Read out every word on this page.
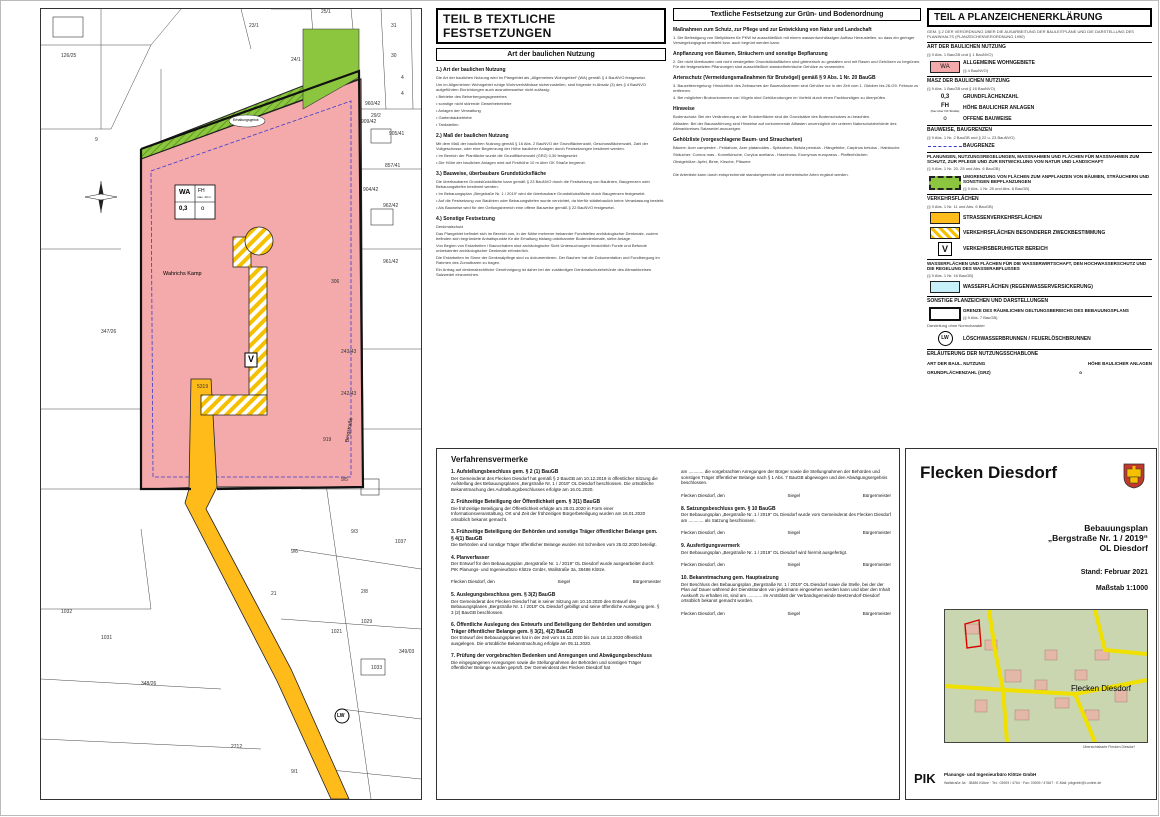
25/1
126/25
23/1
24/1
31
30
9
960/42
29/2
909/42
905/41
904/42
857/41
962/42
961/42
4
4
5319
242/43
243/43
306
919
9/5
9/6
2/8
1029
1021
1031
1032
1033
1037
349/03
348/26
347/26
2712
21
9/1
9/3
WA FH
max. 10 m
0,3 o
Wahrichs Kamp
Erhaltungsgebot
V
LW
Bergstraße
TEIL B TEXTLICHE FESTSETZUNGEN
Art der baulichen Nutzung
1.) Art der baulichen Nutzung
Die Art der baulichen Nutzung wird im Plangebiet als „Allgemeines Wohngebiet“ (WA) gemäß § 4 BauNVO festgesetzt.
Um im Allgemeinen Wohngebiet ruhige Wohnverhältnisse sicherzustellen, sind folgende in Absatz (3) des § 4 BauNVO aufgeführten Einrichtungen auch ausnahmsweise nicht zulässig:
• Betriebe des Beherbergungsgewerbes
• sonstige nicht störende Gewerbebetriebe
• Anlagen der Verwaltung
• Gartenbaubetriebe
• Tankstellen
2.) Maß der baulichen Nutzung
Mit dem Maß der baulichen Nutzung gemäß § 16 Abs. 2 BauNVO die Grundflächenzahl, Geschossflächenzahl, Zahl der Vollgeschosse, oder eine Begrenzung der Höhe baulicher Anlagen durch Festsetzungen bestimmt werden.
• Im Bereich der Planfläche wurde die Grundflächenzahl (GRZ) 0,30 festgesetzt.
• Die Höhe der baulichen Anlagen wird auf Firsthöhe 10 m über OK Straße begrenzt.
3.) Bauweise, überbaubare Grundstücksfläche
Die überbaubaren Grundstücksfläche kann gemäß § 23 BauNVO durch die Festsetzung von Baulinien, Baugrenzen oder Bebauungstiefen bestimmt werden.
• Im Bebauungsplan „Bergstraße Nr. 1 / 2019“ wird die überbaubare Grundstücksfläche durch Baugrenzen festgesetzt.
• Auf die Festsetzung von Baulinien oder Bebauungstiefen wurde verzichtet, da hierfür städtebaulich keine Veranlassung besteht.
• Als Bauweise wird für den Geltungsbereich eine offene Bauweise gemäß § 22 BauNVO festgesetzt.
4.) Sonstige Festsetzung
Denkmalschutz
Das Plangebiet befindet sich im Bereich von, in der Nähe mehrerer bekannter Fundstellen archäologischer Denkmale, zudem befinden sich begründete Anhaltspunkte für die Erhaltung bislang unbekannter Bodendenkmale, siehe Anlage.
Von Beginn von Erdarbeiten / Bauvorhaben sind archäologische Sicht Untersuchungen hinsichtlich Funde und Befunde unbekannter archäologischer Denkmale erforderlich.
Die Erdarbeiten im Sinne der Denkmalpflege sind zu dokumentieren. Der Bauherr hat die Dokumentation und Fundbergung im Rahmen des Zumutbaren zu tragen.
Ein Antrag auf denkmalrechtliche Genehmigung ist daher bei der zuständigen Denkmalschutzbehörde des Altmarkkreises Salzwedel einzureichen.
Textliche Festsetzung zur Grün- und Bodenordnung
Maßnahmen zum Schutz, zur Pflege und zur Entwicklung von Natur und Landschaft
1. Die Befestigung von Stellplätzen für PKW ist ausschließlich mit einem wasserdurchlässigen Aufbau Herzustellen, so dass ein geringer Versiegelungsgrad entsteht bzw. auch begrünt werden kann.
Anpflanzung von Bäumen, Sträuchern und sonstige Bepflanzung
2. Die nicht überbauten und nicht versiegelten Grundstücksflächen sind gärtnerisch zu gestalten und mit Rasen und Gehölzen zu begrünen. Für die festgesetzten Pflanzungen sind ausschließlich standortheimische Gehölze zu verwenden.
Artenschutz (Vermeidungsmaßnahmen für Brutvögel) gemäß § 9 Abs. 1 Nr. 20 BauGB
3. Bauzeitenregelung: Hinsichtlich des Zeitraumes der Baumaßnahmen sind Gehölze nur in der Zeit vom 1. Oktober bis 28./29. Februar zu entfernen.
4. Bei möglichen Brutvorkommen von Vögeln sind Gehölzrodungen im Vorfeld durch einen Fachkundigen zu überprüfen.
Hinweise
Bodenschutz: Bei der Veränderung an der Erdoberfläche sind die Grundsätze des Bodenschutzes zu beachten.
Altlasten: Bei der Bauausführung sind Hinweise auf vorkommende Altlasten unverzüglich der unteren Naturschutzbehörde des Altmarkkreises Salzwedel anzuzeigen.
Gehölzliste (vorgeschlagene Baum- und Straucharten)
Bäume: Acer campestre - Feldahorn, Acer platanoides - Spitzahorn, Betula pendula - Hängebirke, Carpinus betulus - Hainbuche
Sträucher: Cornus mas - Kornelkirsche, Corylus avellana - Haselnuss, Euonymus europaeus - Pfaffenhütchen
Obstgehölze: Apfel, Birne, Kirsche, Pflaume
Die Artenliste kann durch entsprechende standortgerechte und einheimische Arten ergänzt werden.
TEIL A PLANZEICHENERKLÄRUNG
GEM. § 2 DER VERORDNUNG ÜBER DIE AUSARBEITUNG DER BAULEITPLÄNE UND DIE DARSTELLUNG DES PLANINHALTS (PLANZEICHENVERORDNUNG 1990)
ART DER BAULICHEN NUTZUNG
(§ 9 Abs. 1 BauGB und § 1 BauNVO)
WA
ALLGEMEINE WOHNGEBIETE
(§ 4 BauNVO)
MASZ DER BAULICHEN NUTZUNG
(§ 9 Abs. 1 BauGB und § 16 BauNVO)
0,3	GRUNDFLÄCHENZAHL
FH
(hier über OK Straße) HÖHE BAULICHER ANLAGEN
o	OFFENE BAUWEISE
BAUWEISE, BAUGRENZEN
(§ 9 Abs. 1 Nr. 2 BauGB und § 22 u. 23 BauNVO)
BAUGRENZE
PLANUNGEN, NUTZUNGSREGELUNGEN, MASSNAHMEN UND FLÄCHEN FÜR MASSNAHMEN ZUM SCHUTZ, ZUR PFLEGE UND ZUR ENTWICKLUNG VON NATUR UND LANDSCHAFT
(§ 9 Abs. 1 Nr. 20, 25 und Abs. 6 BauGB)
UMGRENZUNG VON FLÄCHEN ZUM ANPFLANZEN VON BÄUMEN, STRÄUCHERN UND SONSTIGEN BEPFLANZUNGEN
(§ 9 Abs. 1 Nr. 25 und Abs. 6 BauGB)
VERKEHRSFLÄCHEN
(§ 9 Abs. 1 Nr. 11 und Abs. 6 BauGB)
STRASSENVERKEHRSFLÄCHEN
VERKEHRSFLÄCHEN BESONDERER ZWECKBESTIMMUNG
V	VERKEHRSBERUHIGTER BEREICH
WASSERFLÄCHEN UND FLÄCHEN FÜR DIE WASSERWIRTSCHAFT, DEN HOCHWASSERSCHUTZ UND DIE REGELUNG DES WASSERABFLUSSES
(§ 9 Abs. 1 Nr. 16 BauGB)
WASSERFLÄCHEN (REGENWASSERVERSICKERUNG)
SONSTIGE PLANZEICHEN UND DARSTELLUNGEN
GRENZE DES RÄUMLICHEN GELTUNGSBEREICHS DES BEBAUUNGSPLANS
(§ 9 Abs. 7 BauGB)
Darstellung ohne Normcharakter
LW	LÖSCHWASSERBRUNNEN / FEUERLÖSCHBRUNNEN
ERLÄUTERUNG DER NUTZUNGSSCHABLONE
ART DER BAUL. NUTZUNG	HÖHE BAULICHER ANLAGEN
GRUNDFLÄCHENZAHL (GRZ)	o
Verfahrensvermerke
1. Aufstellungsbeschluss gem. § 2 (1) BauGB
Der Gemeinderat des Flecken Diesdorf hat gemäß § 2 BauGB am 10.12.2019 in öffentlicher Sitzung die Aufstellung des Bebauungsplanes „Bergstraße Nr. 1 / 2019“ OL Diesdorf beschlossen. Die ortsübliche Bekanntmachung des Aufstellungsbeschlusses erfolgte am 16.01.2020.
2. Frühzeitige Beteiligung der Öffentlichkeit gem. § 3(1) BauGB
Die frühzeitige Beteiligung der Öffentlichkeit erfolgte am 28.01.2020 in Form einer Informationsveranstaltung. Ort und Zeit der frühzeitigen Bürgerbeteiligung wurden am 16.01.2020 ortsüblich bekannt gemacht.
3. Frühzeitige Beteiligung der Behörden und sonstige Träger öffentlicher Belange gem. § 4(1) BauGB
Die Behörden und sonstige Träger öffentlicher Belange wurden mit Schreiben vom 25.02.2020 beteiligt.
4. Planverfasser
Der Entwurf für den Bebauungsplan „Bergstraße Nr. 1 / 2019“ OL Diesdorf wurde ausgearbeitet durch: PIK Planungs- und Ingenieurbüro Klötze GmbH, Wallstraße 3a, 38486 Klötze.
Flecken Diesdorf, den	Siegel	Bürgermeister
5. Auslegungsbeschluss gem. § 3(2) BauGB
Der Gemeinderat des Flecken Diesdorf hat in seiner Sitzung am 10.10.2020 den Entwurf des Bebauungsplanes „Bergstraße Nr. 1 / 2019“ OL Diesdorf gebilligt und seine öffentliche Auslegung gem. § 3 (2) BauGB beschlossen.
6. Öffentliche Auslegung des Entwurfs und Beteiligung der Behörden und sonstigen Träger öffentlicher Belange gem. § 3(2), 4(2) BauGB
Der Entwurf des Bebauungsplanes hat in der Zeit vom 16.11.2020 bis zum 18.12.2020 öffentlich ausgelegen. Die ortsübliche Bekanntmachung erfolgte am 05.11.2020.
7. Prüfung der vorgebrachten Bedenken und Anregungen und Abwägungsbeschluss
Die eingegangenen Anregungen sowie die Stellungnahmen der Behörden und sonstigen Träger öffentlicher Belange wurden geprüft. Der Gemeinderat des Flecken Diesdorf hat
am ............ die vorgebrachten Anregungen der Bürger sowie die Stellungnahmen der Behörden und sonstigen Träger öffentlicher Belange nach § 1 Abs. 7 BauGB abgewogen und den Abwägungsergebnis beschlossen.
Flecken Diesdorf, den	Siegel	Bürgermeister
8. Satzungsbeschluss gem. § 10 BauGB
Der Bebauungsplan „Bergstraße Nr. 1 / 2019“ OL Diesdorf wurde vom Gemeinderat des Flecken Diesdorf am ............ als Satzung beschlossen.
Flecken Diesdorf, den	Siegel	Bürgermeister
9. Ausfertigungsvermerk
Der Bebauungsplan „Bergstraße Nr. 1 / 2019“ OL Diesdorf wird hiermit ausgefertigt.
Flecken Diesdorf, den	Siegel	Bürgermeister
10. Bekanntmachung gem. Hauptsatzung
Der Beschluss des Bebauungsplan „Bergstraße Nr. 1 / 2019“ OL Diesdorf sowie die Stelle, bei der der Plan auf Dauer während der Dienststunden von jedermann eingesehen werden kann und über den Inhalt Auskunft zu erhalten ist, sind am ............ im Amtsblatt der Verbandsgemeinde Beetzendorf-Diesdorf ortsüblich bekannt gemacht worden.
Flecken Diesdorf, den	Siegel	Bürgermeister
Flecken Diesdorf
Bebauungsplan
„Bergstraße Nr. 1 / 2019“
OL Diesdorf
Stand: Februar 2021
Maßstab 1:1000
Flecken Diesdorf
Übersichtskarte Flecken Diesdorf
PIK Planungs- und Ingenieurbüro Klötze GmbH
Wallstraße 3a · 38486 Klötze · Tel.: 03909 / 4764 · Fax: 03909 / 47667 · E-Mail: pikgmbh@t-online.de
